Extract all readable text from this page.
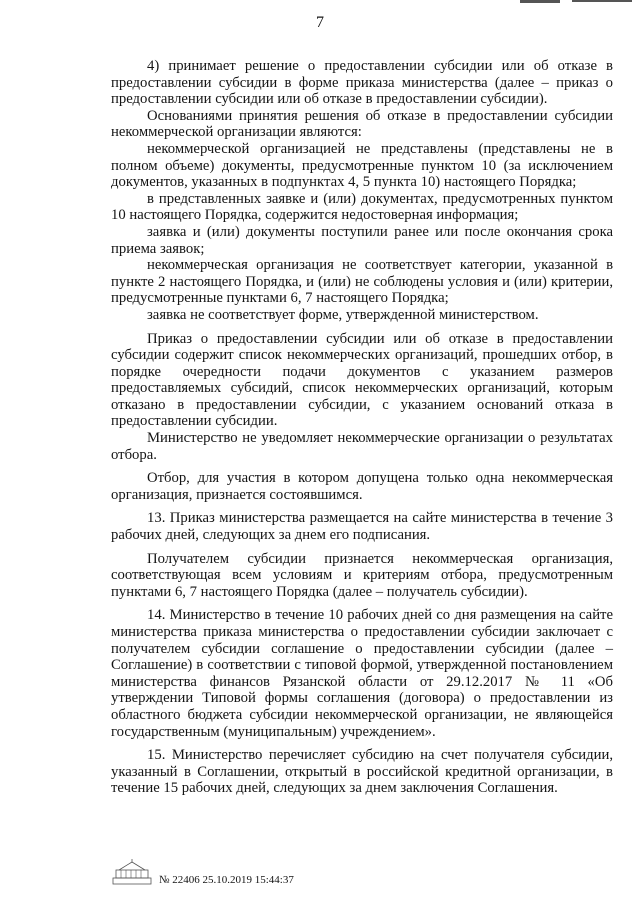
7

4) принимает решение о предоставлении субсидии или об отказе в предоставлении субсидии в форме приказа министерства (далее – приказ о предоставлении субсидии или об отказе в предоставлении субсидии).

Основаниями принятия решения об отказе в предоставлении субсидии некоммерческой организации являются:

некоммерческой организацией не представлены (представлены не в полном объеме) документы, предусмотренные пунктом 10 (за исключением документов, указанных в подпунктах 4, 5 пункта 10) настоящего Порядка;

в представленных заявке и (или) документах, предусмотренных пунктом 10 настоящего Порядка, содержится недостоверная информация;

заявка и (или) документы поступили ранее или после окончания срока приема заявок;

некоммерческая организация не соответствует категории, указанной в пункте 2 настоящего Порядка, и (или) не соблюдены условия и (или) критерии, предусмотренные пунктами 6, 7 настоящего Порядка;

заявка не соответствует форме, утвержденной министерством.

Приказ о предоставлении субсидии или об отказе в предоставлении субсидии содержит список некоммерческих организаций, прошедших отбор, в порядке очередности подачи документов с указанием размеров предоставляемых субсидий, список некоммерческих организаций, которым отказано в предоставлении субсидии, с указанием оснований отказа в предоставлении субсидии.

Министерство не уведомляет некоммерческие организации о результатах отбора.

Отбор, для участия в котором допущена только одна некоммерческая организация, признается состоявшимся.

13. Приказ министерства размещается на сайте министерства в течение 3 рабочих дней, следующих за днем его подписания.

Получателем субсидии признается некоммерческая организация, соответствующая всем условиям и критериям отбора, предусмотренным пунктами 6, 7 настоящего Порядка (далее – получатель субсидии).

14. Министерство в течение 10 рабочих дней со дня размещения на сайте министерства приказа министерства о предоставлении субсидии заключает с получателем субсидии соглашение о предоставлении субсидии (далее – Соглашение) в соответствии с типовой формой, утвержденной постановлением министерства финансов Рязанской области от 29.12.2017 № 11 «Об утверждении Типовой формы соглашения (договора) о предоставлении из областного бюджета субсидии некоммерческой организации, не являющейся государственным (муниципальным) учреждением».

15. Министерство перечисляет субсидию на счет получателя субсидии, указанный в Соглашении, открытый в российской кредитной организации, в течение 15 рабочих дней, следующих за днем заключения Соглашения.

№ 22406 25.10.2019 15:44:37
